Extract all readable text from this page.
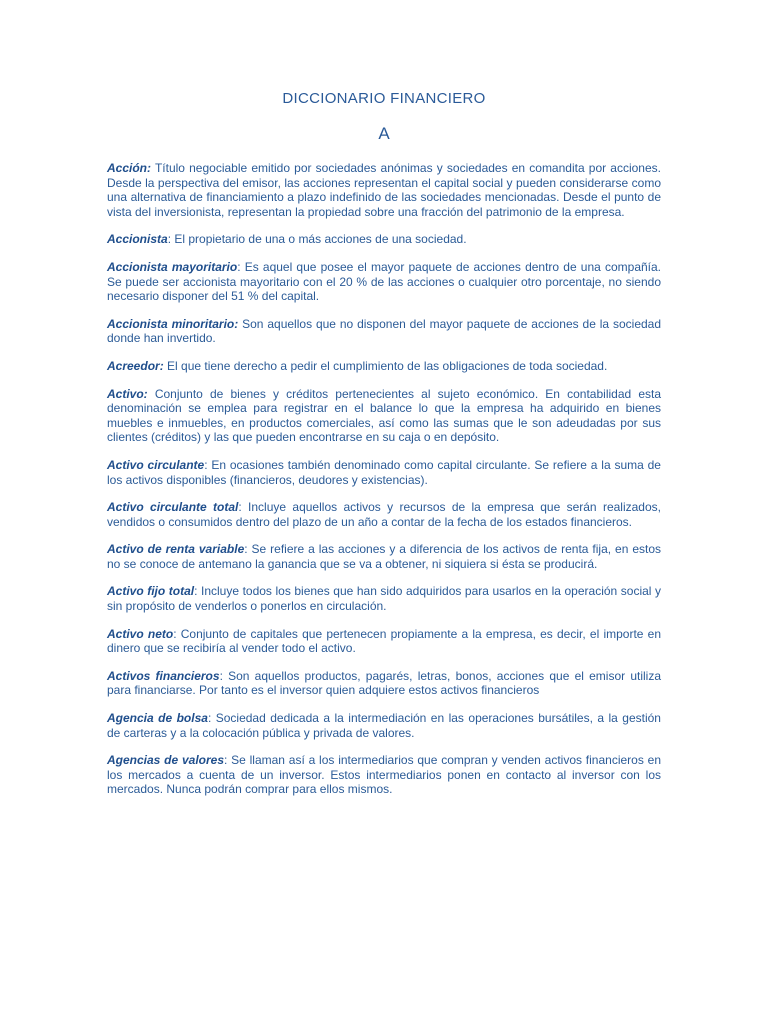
DICCIONARIO FINANCIERO
A

Acción: Título negociable emitido por sociedades anónimas y sociedades en comandita por acciones. Desde la perspectiva del emisor, las acciones representan el capital social y pueden considerarse como una alternativa de financiamiento a plazo indefinido de las sociedades mencionadas. Desde el punto de vista del inversionista, representan la propiedad sobre una fracción del patrimonio de la empresa.

Accionista: El propietario de una o más acciones de una sociedad.

Accionista mayoritario: Es aquel que posee el mayor paquete de acciones dentro de una compañía. Se puede ser accionista mayoritario con el 20 % de las acciones o cualquier otro porcentaje, no siendo necesario disponer del 51 % del capital.

Accionista minoritario: Son aquellos que no disponen del mayor paquete de acciones de la sociedad donde han invertido.

Acreedor: El que tiene derecho a pedir el cumplimiento de las obligaciones de toda sociedad.

Activo: Conjunto de bienes y créditos pertenecientes al sujeto económico. En contabilidad esta denominación se emplea para registrar en el balance lo que la empresa ha adquirido en bienes muebles e inmuebles, en productos comerciales, así como las sumas que le son adeudadas por sus clientes (créditos) y las que pueden encontrarse en su caja o en depósito.

Activo circulante: En ocasiones también denominado como capital circulante. Se refiere a la suma de los activos disponibles (financieros, deudores y existencias).

Activo circulante total: Incluye aquellos activos y recursos de la empresa que serán realizados, vendidos o consumidos dentro del plazo de un año a contar de la fecha de los estados financieros.

Activo de renta variable: Se refiere a las acciones y a diferencia de los activos de renta fija, en estos no se conoce de antemano la ganancia que se va a obtener, ni siquiera si ésta se producirá.

Activo fijo total: Incluye todos los bienes que han sido adquiridos para usarlos en la operación social y sin propósito de venderlos o ponerlos en circulación.

Activo neto: Conjunto de capitales que pertenecen propiamente a la empresa, es decir, el importe en dinero que se recibiría al vender todo el activo.

Activos financieros: Son aquellos productos, pagarés, letras, bonos, acciones que el emisor utiliza para financiarse. Por tanto es el inversor quien adquiere estos activos financieros

Agencia de bolsa: Sociedad dedicada a la intermediación en las operaciones bursátiles, a la gestión de carteras y a la colocación pública y privada de valores.

Agencias de valores: Se llaman así a los intermediarios que compran y venden activos financieros en los mercados a cuenta de un inversor. Estos intermediarios ponen en contacto al inversor con los mercados. Nunca podrán comprar para ellos mismos.
